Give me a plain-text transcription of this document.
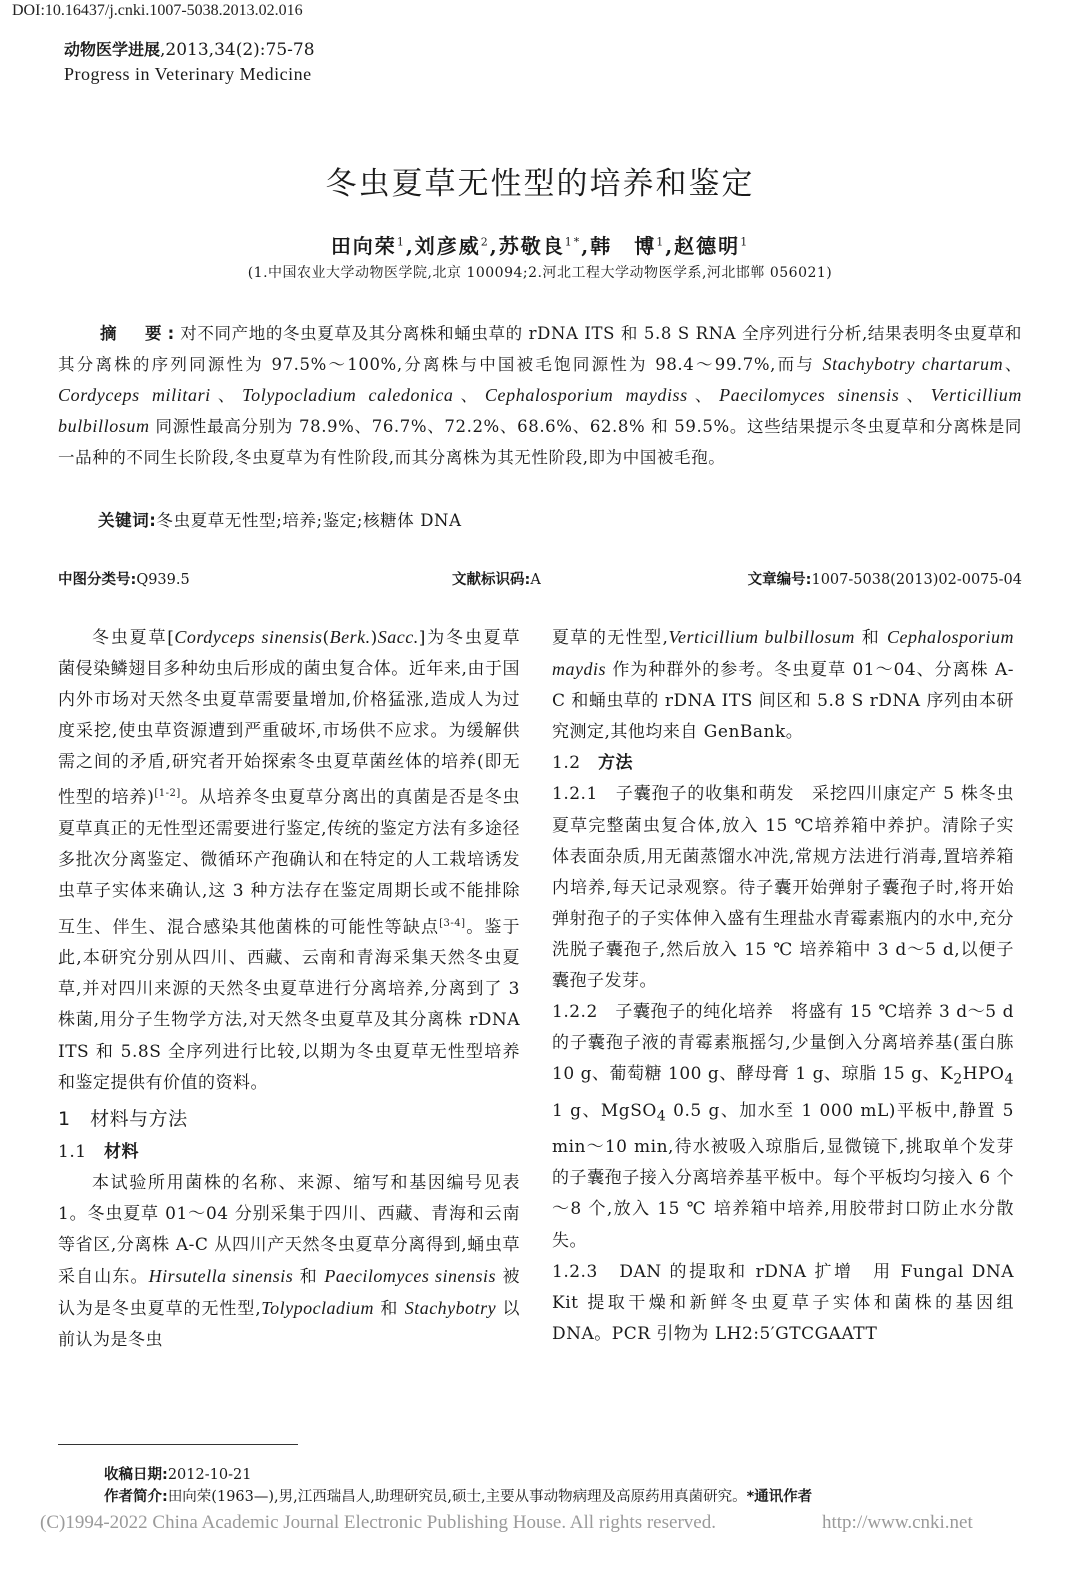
DOI:10.16437/j.cnki.1007-5038.2013.02.016
动物医学进展,2013,34(2):75-78
Progress in Veterinary Medicine
冬虫夏草无性型的培养和鉴定
田向荣$^1$,刘彦威$^2$,苏敬良$^{1*}$,韩　博$^1$,赵德明$^1$
(1.中国农业大学动物医学院,北京 100094;2.河北工程大学动物医学系,河北邯郸 056021)
摘　要:对不同产地的冬虫夏草及其分离株和蛹虫草的 rDNA ITS 和 5.8 S RNA 全序列进行分析,结果表明冬虫夏草和其分离株的序列同源性为 97.5%～100%,分离株与中国被毛饱同源性为 98.4～99.7%,而与 Stachybotry chartarum、Cordyceps militari、Tolypocladium caledonica、Cephalosporium maydiss、Paecilomyces sinensis、Verticillium bulbillosum 同源性最高分别为 78.9%、76.7%、72.2%、68.6%、62.8% 和 59.5%。这些结果提示冬虫夏草和分离株是同一品种的不同生长阶段,冬虫夏草为有性阶段,而其分离株为其无性阶段,即为中国被毛孢。
关键词:冬虫夏草无性型;培养;鉴定;核糖体 DNA
中图分类号:Q939.5	文献标识码:A	文章编号:1007-5038(2013)02-0075-04

冬虫夏草[Cordyceps sinensis(Berk.)Sacc.]为冬虫夏草菌侵染鳞翅目多种幼虫后形成的菌虫复合体。近年来,由于国内外市场对天然冬虫夏草需要量增加,价格猛涨,造成人为过度采挖,使虫草资源遭到严重破坏,市场供不应求。为缓解供需之间的矛盾,研究者开始探索冬虫夏草菌丝体的培养(即无性型的培养)[1-2]。从培养冬虫夏草分离出的真菌是否是冬虫夏草真正的无性型还需要进行鉴定,传统的鉴定方法有多途径多批次分离鉴定、微循环产孢确认和在特定的人工栽培诱发虫草子实体来确认,这 3 种方法存在鉴定周期长或不能排除互生、伴生、混合感染其他菌株的可能性等缺点[3-4]。鉴于此,本研究分别从四川、西藏、云南和青海采集天然冬虫夏草,并对四川来源的天然冬虫夏草进行分离培养,分离到了 3 株菌,用分子生物学方法,对天然冬虫夏草及其分离株 rDNA ITS 和 5.8S 全序列进行比较,以期为冬虫夏草无性型培养和鉴定提供有价值的资料。

1　材料与方法

1.1　材料

本试验所用菌株的名称、来源、缩写和基因编号见表 1。冬虫夏草 01～04 分别采集于四川、西藏、青海和云南等省区,分离株 A-C 从四川产天然冬虫夏草分离得到,蛹虫草采自山东。Hirsutella sinensis 和 Paecilomyces sinensis 被认为是冬虫夏草的无性型,Tolypocladium 和 Stachybotry 以前认为是冬虫

夏草的无性型,Verticillium bulbillosum 和 Cephalosporium maydis 作为种群外的参考。冬虫夏草 01～04、分离株 A-C 和蛹虫草的 rDNA ITS 间区和 5.8 S rDNA 序列由本研究测定,其他均来自 GenBank。

1.2　方法

1.2.1　子囊孢子的收集和萌发　采挖四川康定产 5 株冬虫夏草完整菌虫复合体,放入 15 ℃培养箱中养护。清除子实体表面杂质,用无菌蒸馏水冲洗,常规方法进行消毒,置培养箱内培养,每天记录观察。待子囊开始弹射子囊孢子时,将开始弹射孢子的子实体伸入盛有生理盐水青霉素瓶内的水中,充分洗脱子囊孢子,然后放入 15 ℃ 培养箱中 3 d～5 d,以便子囊孢子发芽。

1.2.2　子囊孢子的纯化培养　将盛有 15 ℃培养 3 d～5 d 的子囊孢子液的青霉素瓶摇匀,少量倒入分离培养基(蛋白胨 10 g、葡萄糖 100 g、酵母膏 1 g、琼脂 15 g、$K_2HPO_4$ 1 g、MgSO$_4$ 0.5 g、加水至 1 000 mL)平板中,静置 5 min～10 min,待水被吸入琼脂后,显微镜下,挑取单个发芽的子囊孢子接入分离培养基平板中。每个平板均匀接入 6 个～8 个,放入 15 ℃ 培养箱中培养,用胶带封口防止水分散失。

1.2.3　DAN 的提取和 rDNA 扩增　用 Fungal DNA Kit 提取干燥和新鲜冬虫夏草子实体和菌株的基因组 DNA。PCR 引物为 LH2:5′GTCGAATT

收稿日期:2012-10-21
作者简介:田向荣(1963—),男,江西瑞昌人,助理研究员,硕士,主要从事动物病理及高原药用真菌研究。*通讯作者
(C)1994-2022 China Academic Journal Electronic Publishing House. All rights reserved.	http://www.cnki.net
